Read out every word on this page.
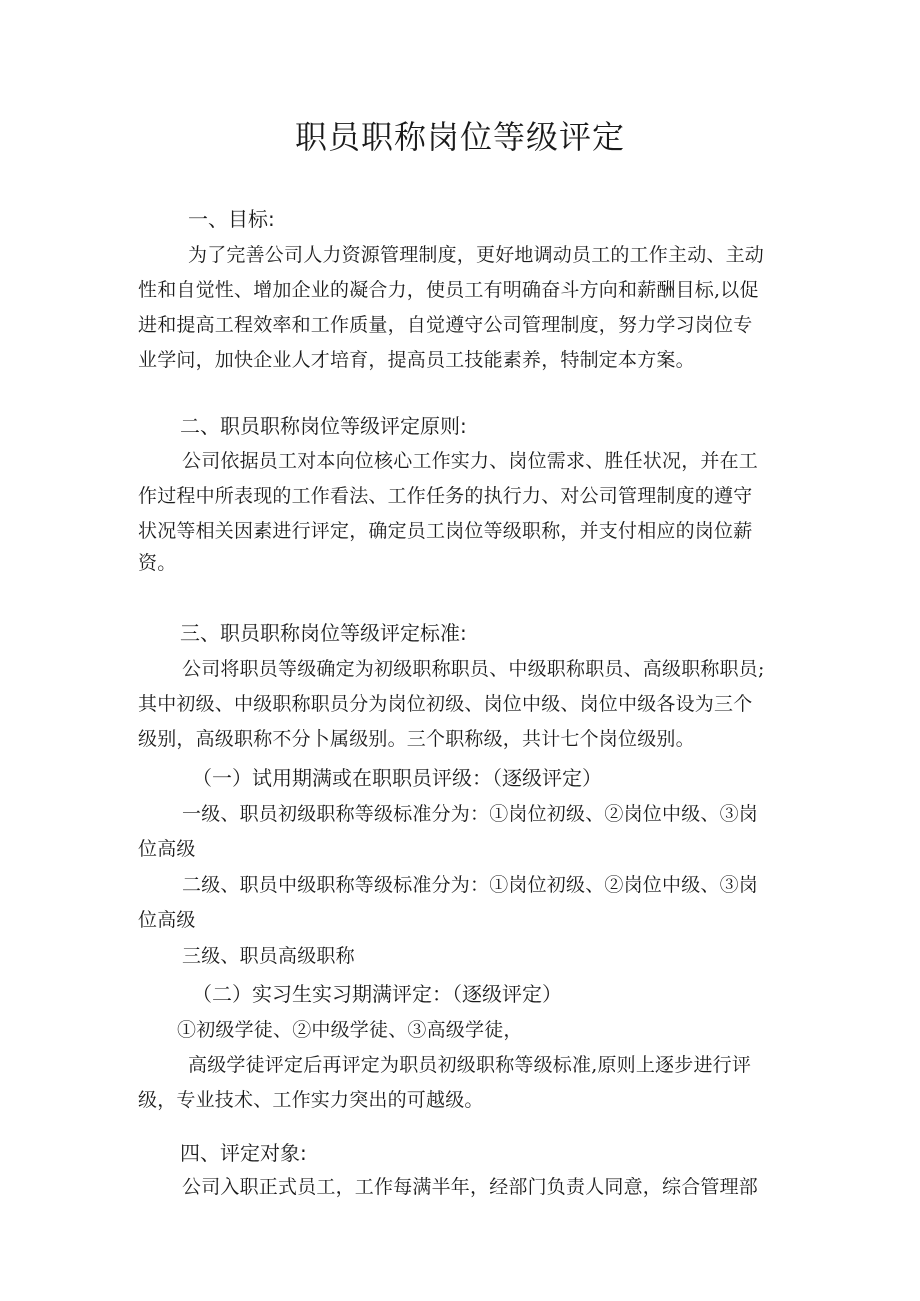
职员职称岗位等级评定
一、目标:
为了完善公司人力资源管理制度，更好地调动员工的工作主动、主动
性和自觉性、增加企业的凝合力，使员工有明确奋斗方向和薪酬目标,以促
进和提高工程效率和工作质量，自觉遵守公司管理制度，努力学习岗位专
业学问，加快企业人才培育，提高员工技能素养，特制定本方案。
二、职员职称岗位等级评定原则:
公司依据员工对本向位核心工作实力、岗位需求、胜任状况，并在工
作过程中所表现的工作看法、工作任务的执行力、对公司管理制度的遵守
状况等相关因素进行评定，确定员工岗位等级职称，并支付相应的岗位薪
资。
三、职员职称岗位等级评定标准:
公司将职员等级确定为初级职称职员、中级职称职员、高级职称职员;
其中初级、中级职称职员分为岗位初级、岗位中级、岗位中级各设为三个
级别，高级职称不分卜属级别。三个职称级，共计七个岗位级别。
（一）试用期满或在职职员评级：（逐级评定）
一级、职员初级职称等级标准分为：①岗位初级、②岗位中级、③岗
位高级
二级、职员中级职称等级标准分为：①岗位初级、②岗位中级、③岗
位高级
三级、职员高级职称
（二）实习生实习期满评定：（逐级评定）
①初级学徒、②中级学徒、③高级学徒，
高级学徒评定后再评定为职员初级职称等级标准,原则上逐步进行评
级，专业技术、工作实力突出的可越级。
四、评定对象:
公司入职正式员工，工作每满半年，经部门负责人同意，综合管理部
